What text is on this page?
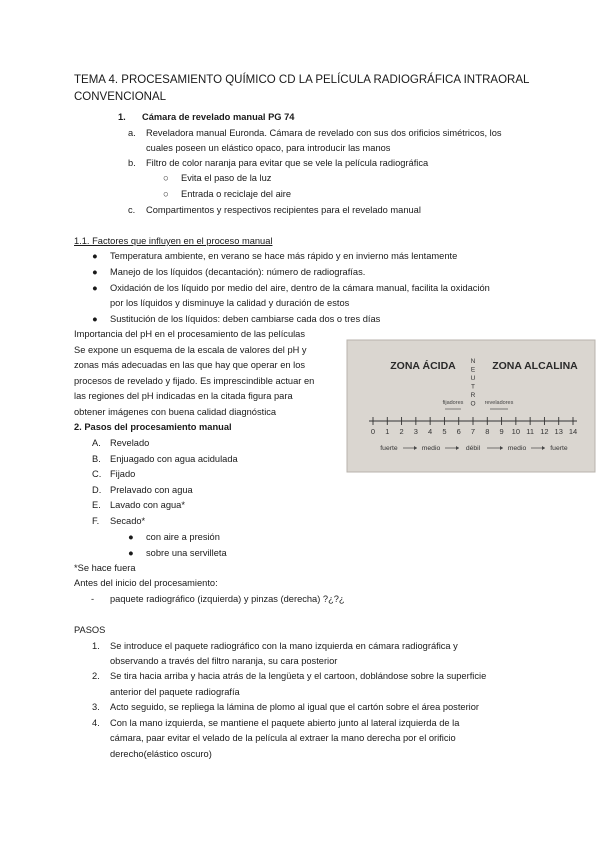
TEMA 4. PROCESAMIENTO QUÍMICO CD LA PELÍCULA RADIOGRÁFICA INTRAORAL CONVENCIONAL
1. Cámara de revelado manual PG 74
a. Reveladora manual Euronda. Cámara de revelado con sus dos orificios simétricos, los
cuales poseen un elástico opaco, para introducir las manos
b. Filtro de color naranja para evitar que se vele la película radiográfica
○ Evita el paso de la luz
○ Entrada o reciclaje del aire
c. Compartimentos y respectivos recipientes para el revelado manual
1.1. Factores que influyen en el proceso manual
● Temperatura ambiente, en verano se hace más rápido y en invierno más lentamente
● Manejo de los líquidos (decantación): número de radiografías.
● Oxidación de los líquido por medio del aire, dentro de la cámara manual, facilita la oxidación
por los líquidos y disminuye la calidad y duración de estos
● Sustitución de los líquidos: deben cambiarse cada dos o tres días
Importancia del pH en el procesamiento de las películas
Se expone un esquema de la escala de valores del pH y
zonas más adecuadas en las que hay que operar en los
procesos de revelado y fijado. Es imprescindible actuar en
las regiones del pH indicadas en la citada figura para
obtener imágenes con buena calidad diagnóstica
ZONA ÁCIDA	ZONA ALCALINA
N
E
U
T
R
O
fijadores	reveladores
0 1 2 3 4 5 6 7 8 9 10 11 12 13 14
fuerte	medio	débil	medio	fuerte
2. Pasos del procesamiento manual
A. Revelado
B. Enjuagado con agua acidulada
C. Fijado
D. Prelavado con agua
E. Lavado con agua*
F. Secado*
● con aire a presión
● sobre una servilleta
*Se hace fuera
Antes del inicio del procesamiento:
- paquete radiográfico (izquierda) y pinzas (derecha) ?¿?¿
PASOS
1. Se introduce el paquete radiográfico con la mano izquierda en cámara radiográfica y
observando a través del filtro naranja, su cara posterior
2. Se tira hacia arriba y hacia atrás de la lengüeta y el cartoon, doblándose sobre la superficie
anterior del paquete radiografía
3. Acto seguido, se repliega la lámina de plomo al igual que el cartón sobre el área posterior
4. Con la mano izquierda, se mantiene el paquete abierto junto al lateral izquierda de la
cámara, paar evitar el velado de la película al extraer la mano derecha por el orificio
derecho(elástico oscuro)
